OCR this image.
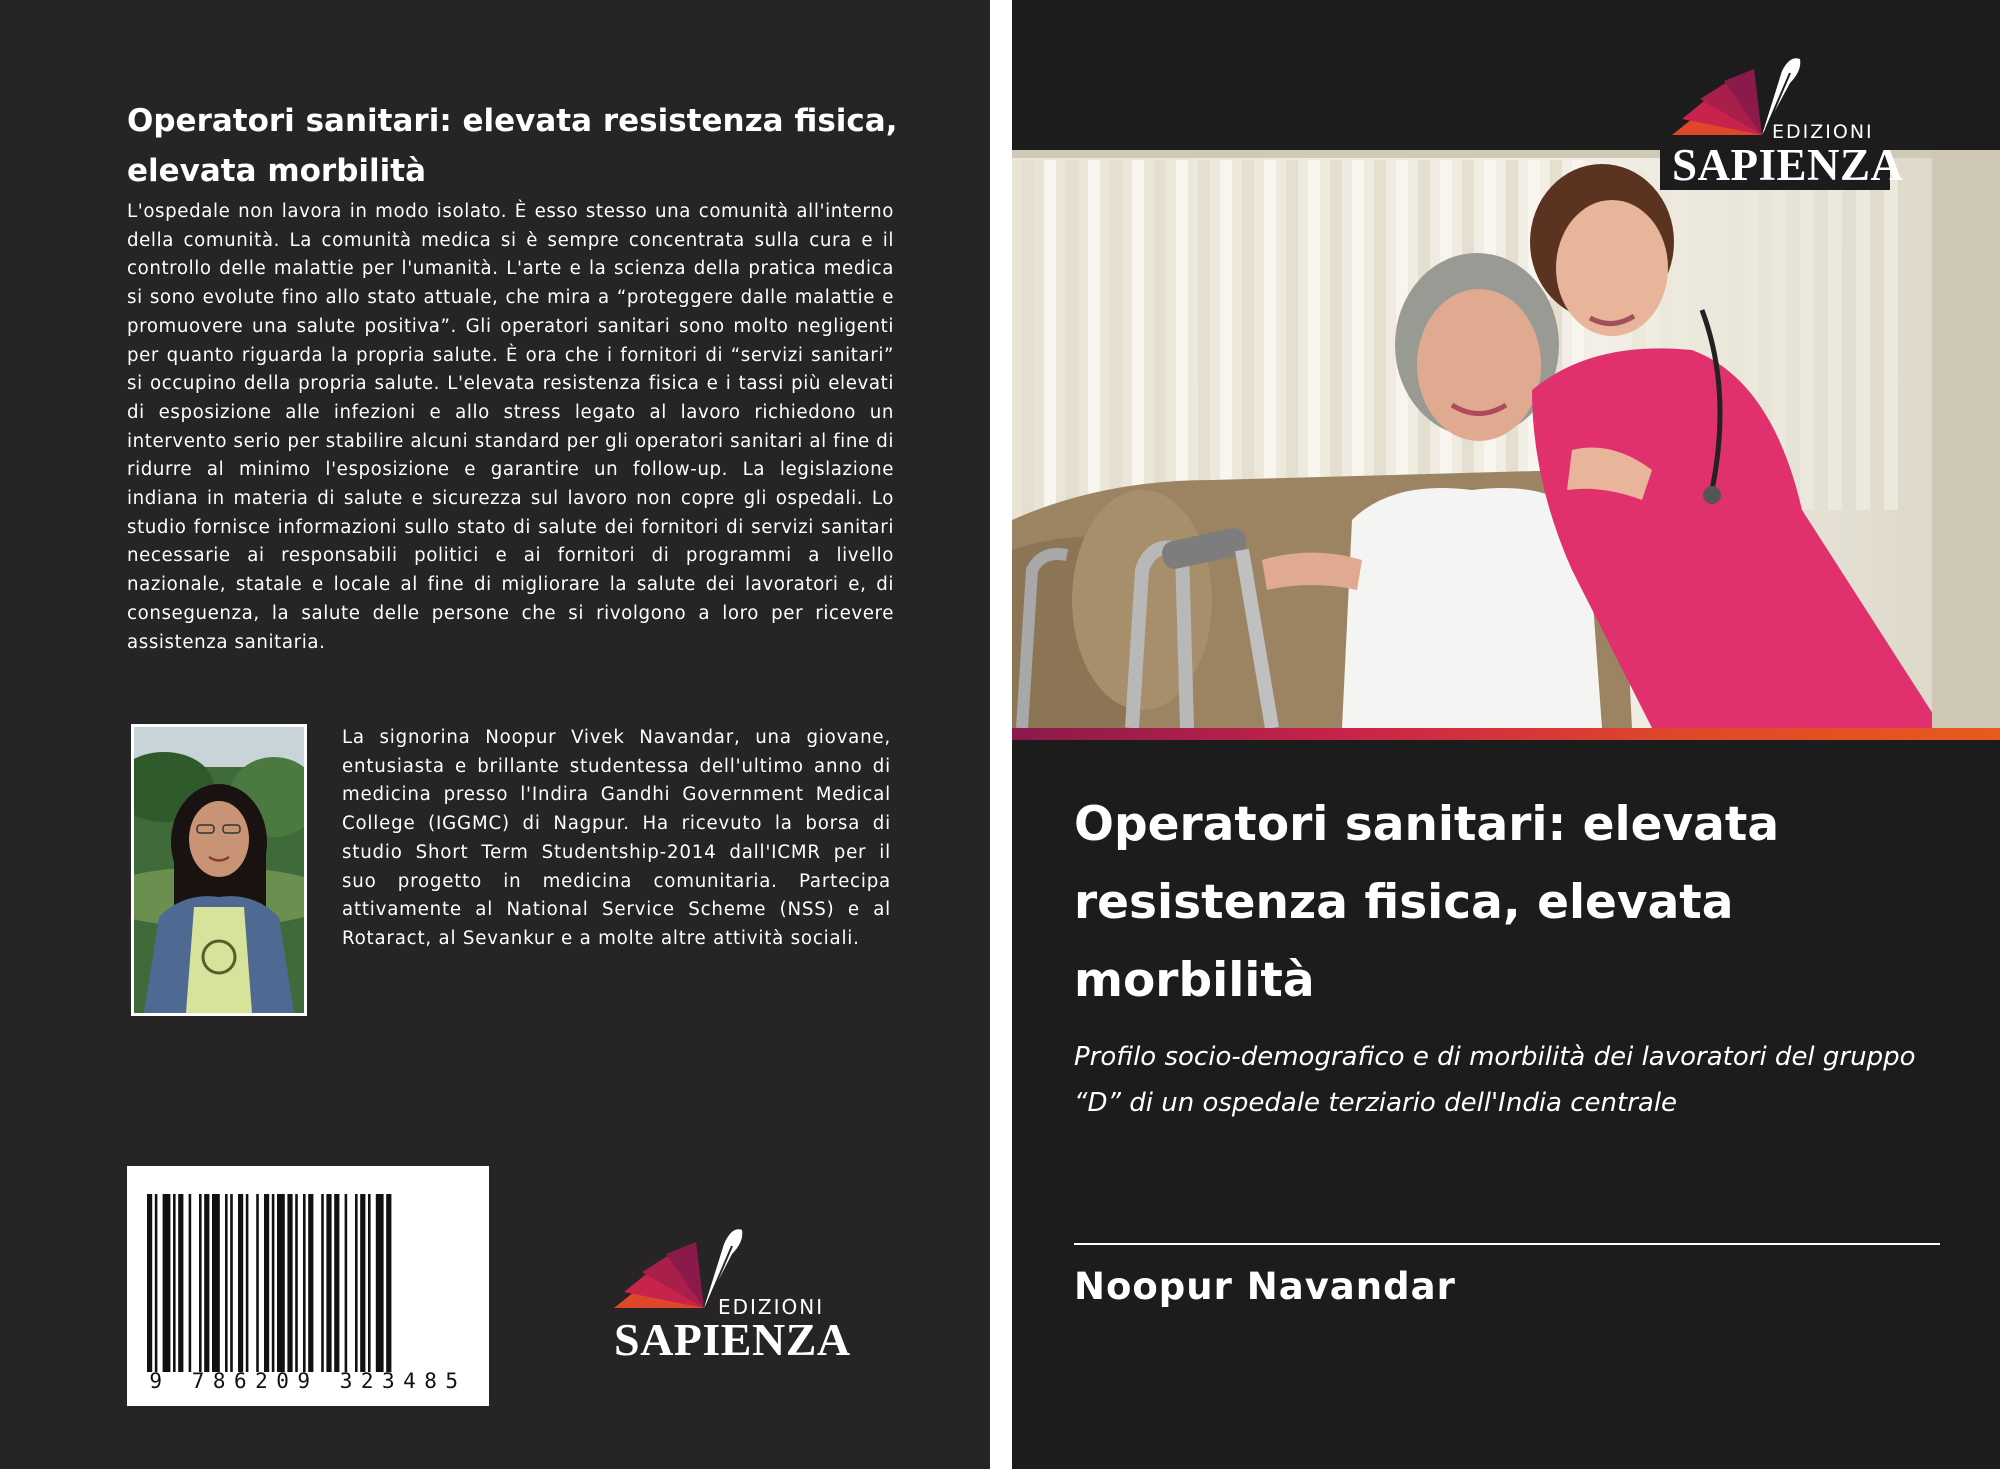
Operatori sanitari: elevata resistenza fisica, elevata morbilità
L'ospedale non lavora in modo isolato. È esso stesso una comunità all'interno della comunità. La comunità medica si è sempre concentrata sulla cura e il controllo delle malattie per l'umanità. L'arte e la scienza della pratica medica si sono evolute fino allo stato attuale, che mira a “proteggere dalle malattie e promuovere una salute positiva”. Gli operatori sanitari sono molto negligenti per quanto riguarda la propria salute. È ora che i fornitori di “servizi sanitari” si occupino della propria salute. L'elevata resistenza fisica e i tassi più elevati di esposizione alle infezioni e allo stress legato al lavoro richiedono un intervento serio per stabilire alcuni standard per gli operatori sanitari al fine di ridurre al minimo l'esposizione e garantire un follow-up. La legislazione indiana in materia di salute e sicurezza sul lavoro non copre gli ospedali. Lo studio fornisce informazioni sullo stato di salute dei fornitori di servizi sanitari necessarie ai responsabili politici e ai fornitori di programmi a livello nazionale, statale e locale al fine di migliorare la salute dei lavoratori e, di conseguenza, la salute delle persone che si rivolgono a loro per ricevere assistenza sanitaria.
La signorina Noopur Vivek Navandar, una giovane, entusiasta e brillante studentessa dell'ultimo anno di medicina presso l'Indira Gandhi Government Medical College (IGGMC) di Nagpur. Ha ricevuto la borsa di studio Short Term Studentship-2014 dall'ICMR per il suo progetto in medicina comunitaria. Partecipa attivamente al National Service Scheme (NSS) e al Rotaract, al Sevankur e a molte altre attività sociali.
9 786209 323485
EDIZIONI
SAPIENZA
EDIZIONI
SAPIENZA
Operatori sanitari: elevata resistenza fisica, elevata morbilità
Profilo socio-demografico e di morbilità dei lavoratori del gruppo “D” di un ospedale terziario dell'India centrale
Noopur Navandar
